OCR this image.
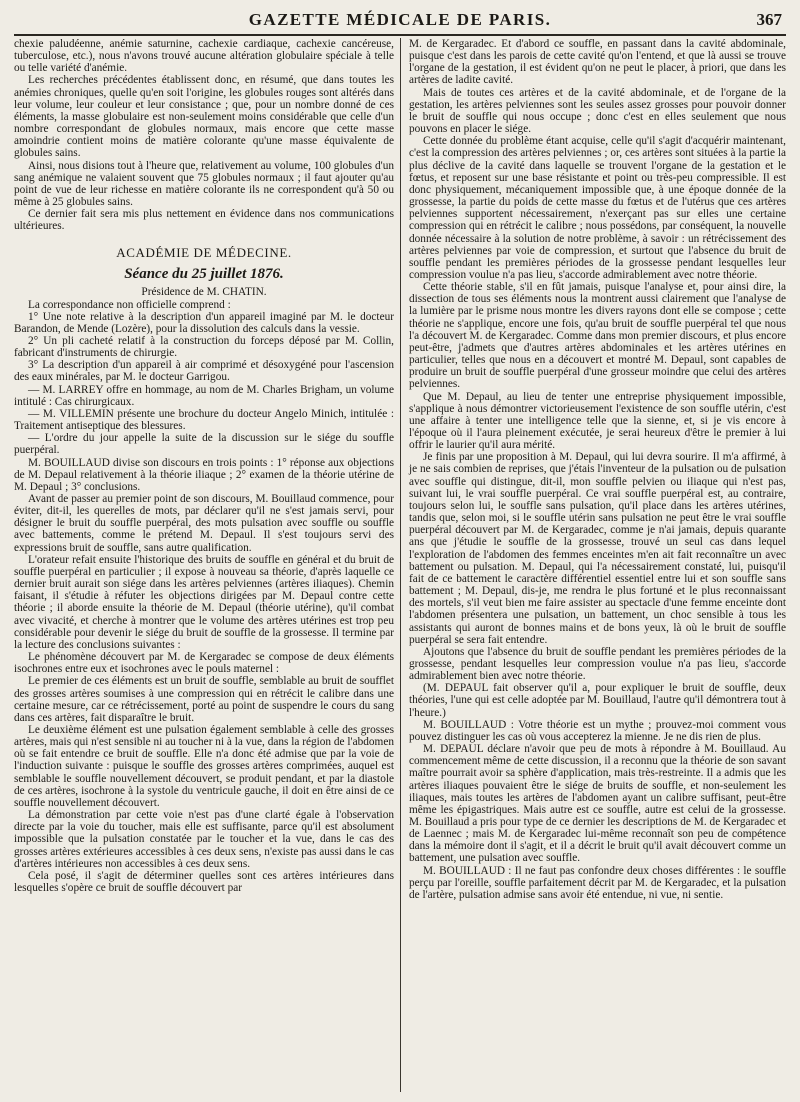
GAZETTE MÉDICALE DE PARIS.	367

chexie paludéenne, anémie saturnine, cachexie cardiaque, cachexie cancéreuse, tuberculose, etc.), nous n'avons trouvé aucune altération globulaire spéciale à telle ou telle variété d'anémie.

Les recherches précédentes établissent donc, en résumé, que dans toutes les anémies chroniques, quelle qu'en soit l'origine, les globules rouges sont altérés dans leur volume, leur couleur et leur consistance ; que, pour un nombre donné de ces éléments, la masse globulaire est non-seulement moins considérable que celle d'un nombre correspondant de globules normaux, mais encore que cette masse amoindrie contient moins de matière colorante qu'une masse équivalente de globules sains.

Ainsi, nous disions tout à l'heure que, relativement au volume, 100 globules d'un sang anémique ne valaient souvent que 75 globules normaux ; il faut ajouter qu'au point de vue de leur richesse en matière colorante ils ne correspondent qu'à 50 ou même à 25 globules sains.

Ce dernier fait sera mis plus nettement en évidence dans nos communications ultérieures.

ACADÉMIE DE MÉDECINE.
Séance du 25 juillet 1876.
Présidence de M. CHATIN.

La correspondance non officielle comprend :

1° Une note relative à la description d'un appareil imaginé par M. le docteur Barandon, de Mende (Lozère), pour la dissolution des calculs dans la vessie.

2° Un pli cacheté relatif à la construction du forceps déposé par M. Collin, fabricant d'instruments de chirurgie.

3° La description d'un appareil à air comprimé et désoxygéné pour l'ascension des eaux minérales, par M. le docteur Garrigou.

— M. LARREY offre en hommage, au nom de M. Charles Brigham, un volume intitulé : Cas chirurgicaux.

— M. VILLEMIN présente une brochure du docteur Angelo Minich, intitulée : Traitement antiseptique des blessures.

— L'ordre du jour appelle la suite de la discussion sur le siége du souffle puerpéral.

M. BOUILLAUD divise son discours en trois points : 1° réponse aux objections de M. Depaul relativement à la théorie iliaque ; 2° examen de la théorie utérine de M. Depaul ; 3° conclusions.

Avant de passer au premier point de son discours, M. Bouillaud commence, pour éviter, dit-il, les querelles de mots, par déclarer qu'il ne s'est jamais servi, pour désigner le bruit du souffle puerpéral, des mots pulsation avec souffle ou souffle avec battements, comme le prétend M. Depaul. Il s'est toujours servi des expressions bruit de souffle, sans autre qualification.

L'orateur refait ensuite l'historique des bruits de souffle en général et du bruit de souffle puerpéral en particulier ; il expose à nouveau sa théorie, d'après laquelle ce dernier bruit aurait son siége dans les artères pelviennes (artères iliaques). Chemin faisant, il s'étudie à réfuter les objections dirigées par M. Depaul contre cette théorie ; il aborde ensuite la théorie de M. Depaul (théorie utérine), qu'il combat avec vivacité, et cherche à montrer que le volume des artères utérines est trop peu considérable pour devenir le siége du bruit de souffle de la grossesse. Il termine par la lecture des conclusions suivantes :

Le phénomène découvert par M. de Kergaradec se compose de deux éléments isochrones entre eux et isochrones avec le pouls maternel :

Le premier de ces éléments est un bruit de souffle, semblable au bruit de soufflet des grosses artères soumises à une compression qui en rétrécit le calibre dans une certaine mesure, car ce rétrécissement, porté au point de suspendre le cours du sang dans ces artères, fait disparaître le bruit.

Le deuxième élément est une pulsation également semblable à celle des grosses artères, mais qui n'est sensible ni au toucher ni à la vue, dans la région de l'abdomen où se fait entendre ce bruit de souffle. Elle n'a donc été admise que par la voie de l'induction suivante : puisque le souffle des grosses artères comprimées, auquel est semblable le souffle nouvellement découvert, se produit pendant, et par la diastole de ces artères, isochrone à la systole du ventricule gauche, il doit en être ainsi de ce souffle nouvellement découvert.

La démonstration par cette voie n'est pas d'une clarté égale à l'observation directe par la voie du toucher, mais elle est suffisante, parce qu'il est absolument impossible que la pulsation constatée par le toucher et la vue, dans le cas des grosses artères extérieures accessibles à ces deux sens, n'existe pas aussi dans le cas d'artères intérieures non accessibles à ces deux sens.

Cela posé, il s'agit de déterminer quelles sont ces artères intérieures dans lesquelles s'opère ce bruit de souffle découvert par

M. de Kergaradec. Et d'abord ce souffle, en passant dans la cavité abdominale, puisque c'est dans les parois de cette cavité qu'on l'entend, et que là aussi se trouve l'organe de la gestation, il est évident qu'on ne peut le placer, à priori, que dans les artères de ladite cavité.

Mais de toutes ces artères et de la cavité abdominale, et de l'organe de la gestation, les artères pelviennes sont les seules assez grosses pour pouvoir donner le bruit de souffle qui nous occupe ; donc c'est en elles seulement que nous pouvons en placer le siége.

Cette donnée du problème étant acquise, celle qu'il s'agit d'acquérir maintenant, c'est la compression des artères pelviennes ; or, ces artères sont situées à la partie la plus déclive de la cavité dans laquelle se trouvent l'organe de la gestation et le fœtus, et reposent sur une base résistante et point ou très-peu compressible. Il est donc physiquement, mécaniquement impossible que, à une époque donnée de la grossesse, la partie du poids de cette masse du fœtus et de l'utérus que ces artères pelviennes supportent nécessairement, n'exerçant pas sur elles une certaine compression qui en rétrécit le calibre ; nous possédons, par conséquent, la nouvelle donnée nécessaire à la solution de notre problème, à savoir : un rétrécissement des artères pelviennes par voie de compression, et surtout que l'absence du bruit de souffle pendant les premières périodes de la grossesse pendant lesquelles leur compression voulue n'a pas lieu, s'accorde admirablement avec notre théorie.

Cette théorie stable, s'il en fût jamais, puisque l'analyse et, pour ainsi dire, la dissection de tous ses éléments nous la montrent aussi clairement que l'analyse de la lumière par le prisme nous montre les divers rayons dont elle se compose ; cette théorie ne s'applique, encore une fois, qu'au bruit de souffle puerpéral tel que nous l'a découvert M. de Kergaradec. Comme dans mon premier discours, et plus encore peut-être, j'admets que d'autres artères abdominales et les artères utérines en particulier, telles que nous en a découvert et montré M. Depaul, sont capables de produire un bruit de souffle puerpéral d'une grosseur moindre que celui des artères pelviennes.

Que M. Depaul, au lieu de tenter une entreprise physiquement impossible, s'applique à nous démontrer victorieusement l'existence de son souffle utérin, c'est une affaire à tenter une intelligence telle que la sienne, et, si je vis encore à l'époque où il l'aura pleinement exécutée, je serai heureux d'être le premier à lui offrir le laurier qu'il aura mérité.

Je finis par une proposition à M. Depaul, qui lui devra sourire. Il m'a affirmé, à je ne sais combien de reprises, que j'étais l'inventeur de la pulsation ou de pulsation avec souffle qui distingue, dit-il, mon souffle pelvien ou iliaque qui n'est pas, suivant lui, le vrai souffle puerpéral. Ce vrai souffle puerpéral est, au contraire, toujours selon lui, le souffle sans pulsation, qu'il place dans les artères utérines, tandis que, selon moi, si le souffle utérin sans pulsation ne peut être le vrai souffle puerpéral découvert par M. de Kergaradec, comme je n'ai jamais, depuis quarante ans que j'étudie le souffle de la grossesse, trouvé un seul cas dans lequel l'exploration de l'abdomen des femmes enceintes m'en ait fait reconnaître un avec battement ou pulsation. M. Depaul, qui l'a nécessairement constaté, lui, puisqu'il fait de ce battement le caractère différentiel essentiel entre lui et son souffle sans battement ; M. Depaul, dis-je, me rendra le plus fortuné et le plus reconnaissant des mortels, s'il veut bien me faire assister au spectacle d'une femme enceinte dont l'abdomen présentera une pulsation, un battement, un choc sensible à tous les assistants qui auront de bonnes mains et de bons yeux, là où le bruit de souffle puerpéral se sera fait entendre.

Ajoutons que l'absence du bruit de souffle pendant les premières périodes de la grossesse, pendant lesquelles leur compression voulue n'a pas lieu, s'accorde admirablement bien avec notre théorie.

(M. DEPAUL fait observer qu'il a, pour expliquer le bruit de souffle, deux théories, l'une qui est celle adoptée par M. Bouillaud, l'autre qu'il démontrera tout à l'heure.)

M. BOUILLAUD : Votre théorie est un mythe ; prouvez-moi comment vous pouvez distinguer les cas où vous accepterez la mienne. Je ne dis rien de plus.

M. DEPAUL déclare n'avoir que peu de mots à répondre à M. Bouillaud. Au commencement même de cette discussion, il a reconnu que la théorie de son savant maître pourrait avoir sa sphère d'application, mais très-restreinte. Il a admis que les artères iliaques pouvaient être le siége de bruits de souffle, et non-seulement les iliaques, mais toutes les artères de l'abdomen ayant un calibre suffisant, peut-être même les épigastriques. Mais autre est ce souffle, autre est celui de la grossesse. M. Bouillaud a pris pour type de ce dernier les descriptions de M. de Kergaradec et de Laennec ; mais M. de Kergaradec lui-même reconnaît son peu de compétence dans la mémoire dont il s'agit, et il a décrit le bruit qu'il avait découvert comme un battement, une pulsation avec souffle.

M. BOUILLAUD : Il ne faut pas confondre deux choses différentes : le souffle perçu par l'oreille, souffle parfaitement décrit par M. de Kergaradec, et la pulsation de l'artère, pulsation admise sans avoir été entendue, ni vue, ni sentie.
